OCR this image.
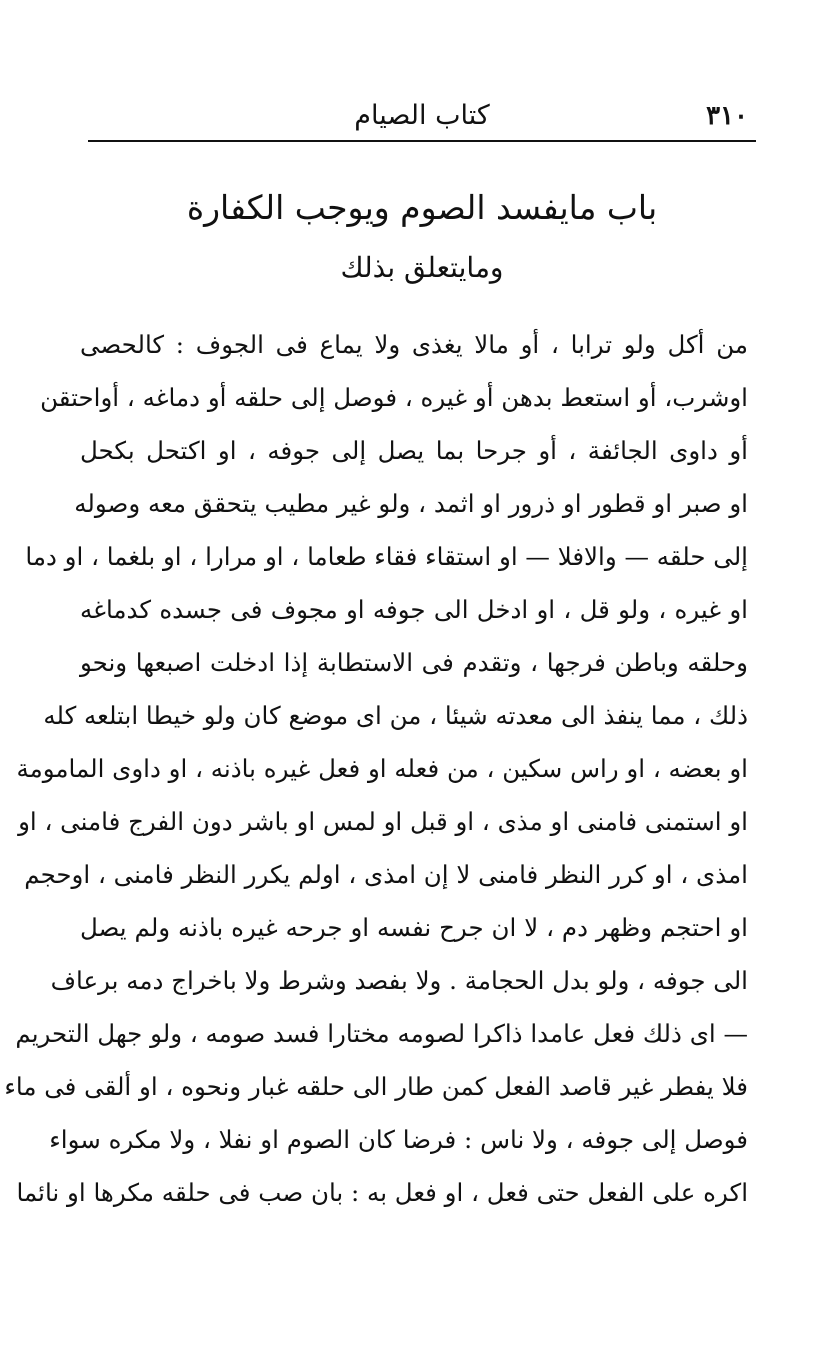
٣١٠
كتاب الصيام
باب مايفسد الصوم ويوجب الكفارة
ومايتعلق بذلك
من أكل ولو ترابا ، أو مالا يغذى ولا يماع فى الجوف : كالحصى
اوشرب، أو استعط بدهن أو غيره ، فوصل إلى حلقه أو دماغه ، أواحتقن
أو داوى الجائفة ، أو جرحا بما يصل إلى جوفه ، او اكتحل بكحل
او صبر او قطور او ذرور او اثمد ، ولو غير مطيب يتحقق معه وصوله
إلى حلقه — والافلا — او استقاء فقاء طعاما ، او مرارا ، او بلغما ، او دما
او غيره ، ولو قل ، او ادخل الى جوفه او مجوف فى جسده كدماغه
وحلقه وباطن فرجها ، وتقدم فى الاستطابة إذا ادخلت اصبعها ونحو
ذلك ، مما ينفذ الى معدته شيئا ، من اى موضع كان ولو خيطا ابتلعه كله
او بعضه ، او راس سكين ، من فعله او فعل غيره باذنه ، او داوى المامومة
او استمنى فامنى او مذى ، او قبل او لمس او باشر دون الفرج فامنى ، او
امذى ، او كرر النظر فامنى لا إن امذى ، اولم يكرر النظر فامنى ، اوحجم
او احتجم وظهر دم ، لا ان جرح نفسه او جرحه غيره باذنه ولم يصل
الى جوفه ، ولو بدل الحجامة . ولا بفصد وشرط ولا باخراج دمه برعاف
— اى ذلك فعل عامدا ذاكرا لصومه مختارا فسد صومه ، ولو جهل التحريم
فلا يفطر غير قاصد الفعل كمن طار الى حلقه غبار ونحوه ، او ألقى فى ماء
فوصل إلى جوفه ، ولا ناس : فرضا كان الصوم او نفلا ، ولا مكره سواء
اكره على الفعل حتى فعل ، او فعل به : بان صب فى حلقه مكرها او نائما
